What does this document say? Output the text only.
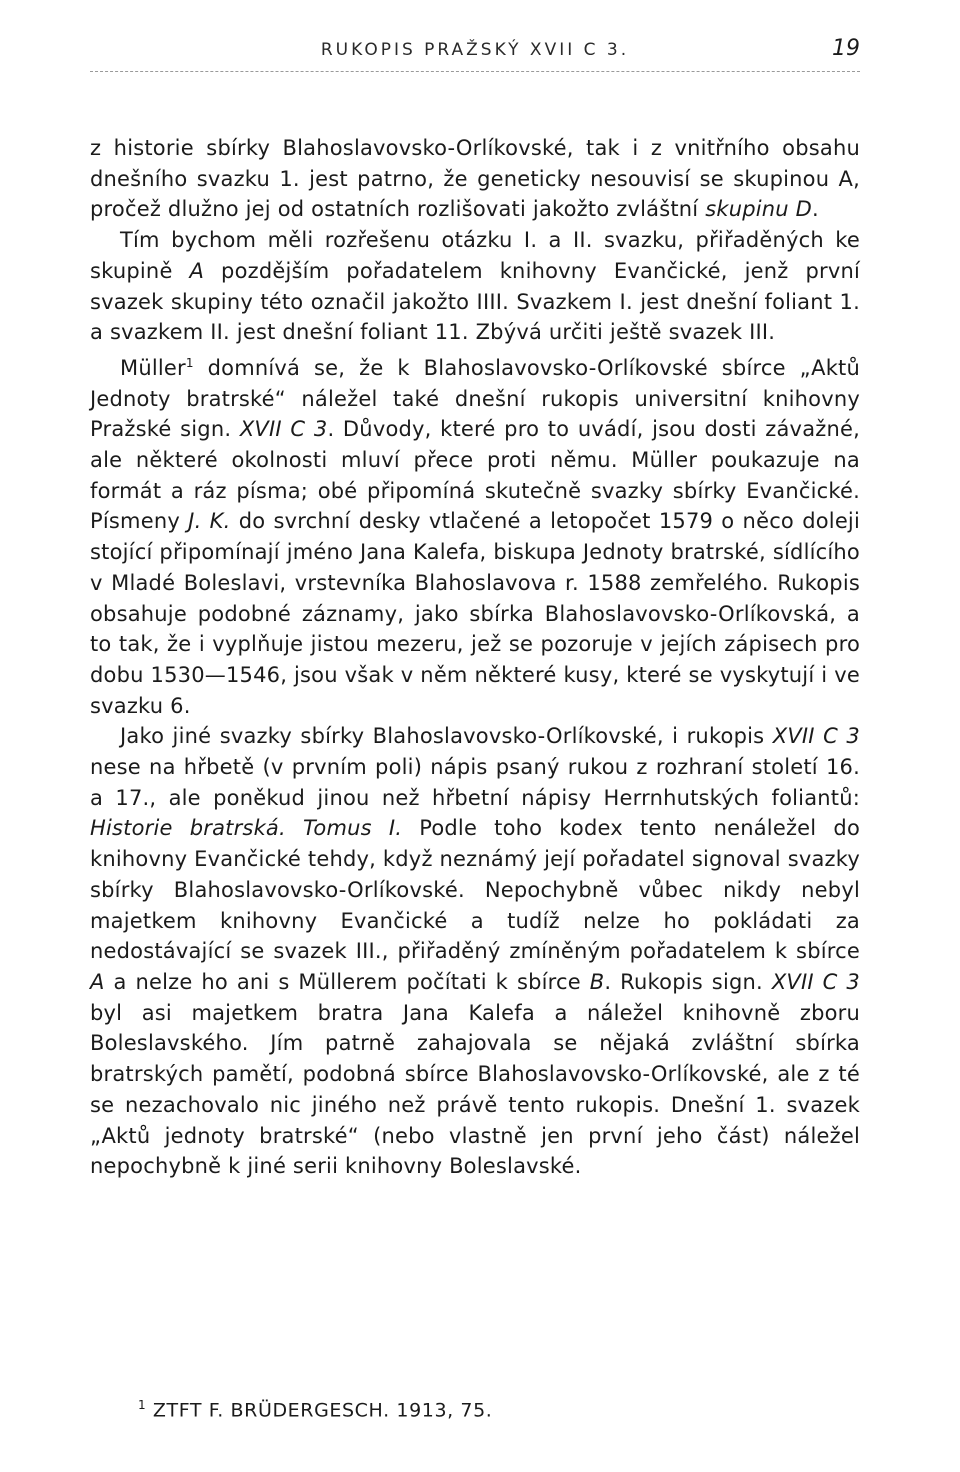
RUKOPIS PRAŽSKÝ XVII C 3.	19

z historie sbírky Blahoslavovsko-Orlíkovské, tak i z vnitřního obsahu dnešního svazku 1. jest patrno, že geneticky nesouvisí se skupinou A, pročež dlužno jej od ostatních rozlišovati jakožto zvláštní skupinu D.

Tím bychom měli rozřešenu otázku I. a II. svazku, přiřaděných ke skupině A pozdějším pořadatelem knihovny Evančické, jenž první svazek skupiny této označil jakožto IIII. Svazkem I. jest dnešní foliant 1. a svazkem II. jest dnešní foliant 11. Zbývá určiti ještě svazek III.

Müller$^1$ domnívá se, že k Blahoslavovsko-Orlíkovské sbírce „Aktů Jednoty bratrské“ náležel také dnešní rukopis universitní knihovny Pražské sign. XVII C 3. Důvody, které pro to uvádí, jsou dosti závažné, ale některé okolnosti mluví přece proti němu. Müller poukazuje na formát a ráz písma; obé připomíná skutečně svazky sbírky Evančické. Písmeny J. K. do svrchní desky vtlačené a letopočet 1579 o něco doleji stojící připomínají jméno Jana Kalefa, biskupa Jednoty bratrské, sídlícího v Mladé Boleslavi, vrstevníka Blahoslavova r. 1588 zemřelého. Rukopis obsahuje podobné záznamy, jako sbírka Blahoslavovsko-Orlíkovská, a to tak, že i vyplňuje jistou mezeru, jež se pozoruje v jejích zápisech pro dobu 1530—1546, jsou však v něm některé kusy, které se vyskytují i ve svazku 6.

Jako jiné svazky sbírky Blahoslavovsko-Orlíkovské, i rukopis XVII C 3 nese na hřbetě (v prvním poli) nápis psaný rukou z rozhraní století 16. a 17., ale poněkud jinou než hřbetní nápisy Herrnhutských foliantů: Historie bratrská. Tomus I. Podle toho kodex tento nenáležel do knihovny Evančické tehdy, když neznámý její pořadatel signoval svazky sbírky Blahoslavovsko-Orlíkovské. Nepochybně vůbec nikdy nebyl majetkem knihovny Evančické a tudíž nelze ho pokládati za nedostávající se svazek III., přiřaděný zmíněným pořadatelem k sbírce A a nelze ho ani s Müllerem počítati k sbírce B. Rukopis sign. XVII C 3 byl asi majetkem bratra Jana Kalefa a náležel knihovně zboru Boleslavského. Jím patrně zahajovala se nějaká zvláštní sbírka bratrských pamětí, podobná sbírce Blahoslavovsko-Orlíkovské, ale z té se nezachovalo nic jiného než právě tento rukopis. Dnešní 1. svazek „Aktů jednoty bratrské“ (nebo vlastně jen první jeho část) náležel nepochybně k jiné serii knihovny Boleslavské.

$^1$ ZTFT F. BRÜDERGESCH. 1913, 75.
